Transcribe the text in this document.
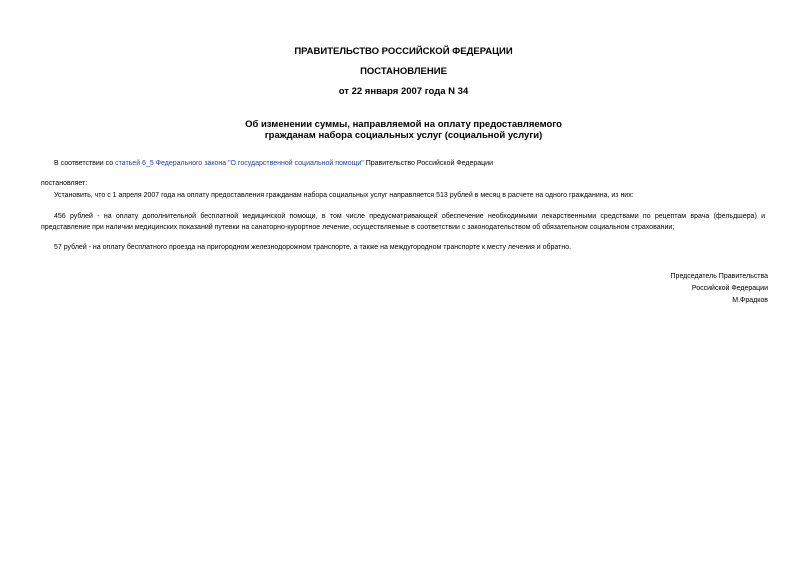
ПРАВИТЕЛЬСТВО РОССИЙСКОЙ ФЕДЕРАЦИИ
ПОСТАНОВЛЕНИЕ
от 22 января 2007 года N 34
Об изменении суммы, направляемой на оплату предоставляемого
гражданам набора социальных услуг (социальной услуги)
В соответствии со статьей 6_5 Федерального закона "О государственной социальной помощи" Правительство Российской Федерации
постановляет:
Установить, что с 1 апреля 2007 года на оплату предоставления гражданам набора социальных услуг направляется 513 рублей в месяц в расчете на одного гражданина, из них:
456 рублей - на оплату дополнительной бесплатной медицинской помощи, в том числе предусматривающей обеспечение необходимыми лекарственными средствами по рецептам врача (фельдшера) и представление при наличии медицинских показаний путевки на санаторно-курортное лечение, осуществляемые в соответствии с законодательством об обязательном социальном страховании;
57 рублей - на оплату бесплатного проезда на пригородном железнодорожном транспорте, а также на междугородном транспорте к месту лечения и обратно.
Председатель Правительства
Российской Федерации
М.Фрадков
